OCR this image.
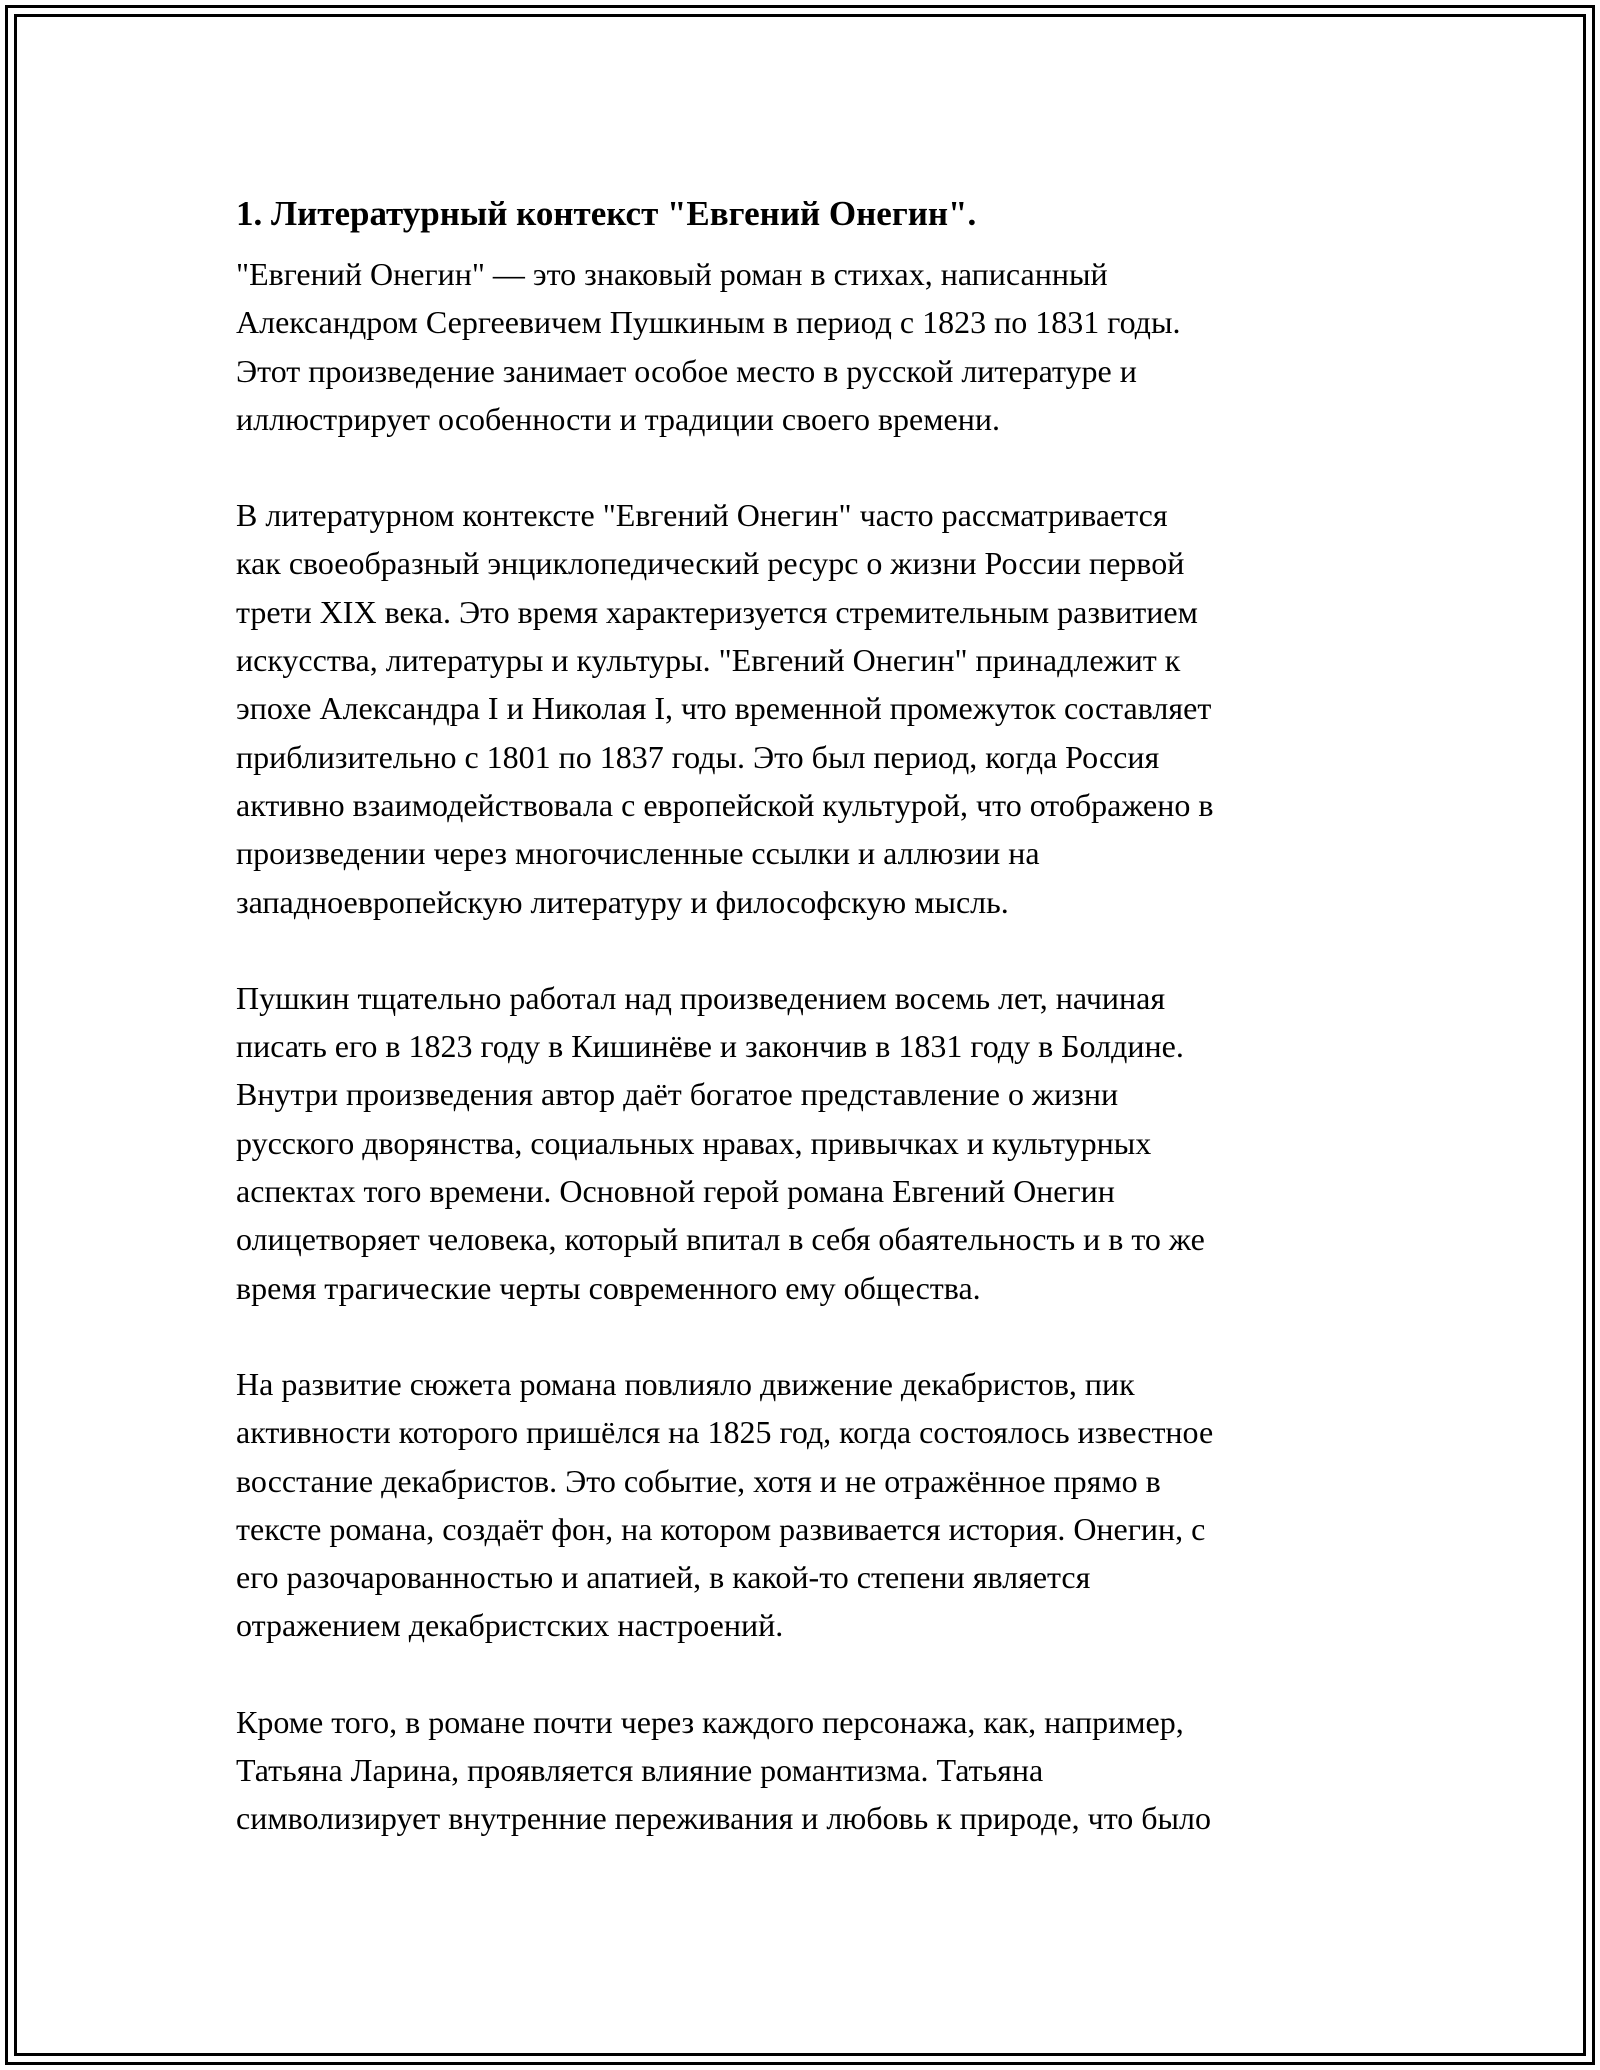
1. Литературный контекст "Евгений Онегин".

"Евгений Онегин" — это знаковый роман в стихах, написанный
Александром Сергеевичем Пушкиным в период с 1823 по 1831 годы.
Этот произведение занимает особое место в русской литературе и
иллюстрирует особенности и традиции своего времени.

В литературном контексте "Евгений Онегин" часто рассматривается
как своеобразный энциклопедический ресурс о жизни России первой
трети XIX века. Это время характеризуется стремительным развитием
искусства, литературы и культуры. "Евгений Онегин" принадлежит к
эпохе Александра I и Николая I, что временной промежуток составляет
приблизительно с 1801 по 1837 годы. Это был период, когда Россия
активно взаимодействовала с европейской культурой, что отображено в
произведении через многочисленные ссылки и аллюзии на
западноевропейскую литературу и философскую мысль.

Пушкин тщательно работал над произведением восемь лет, начиная
писать его в 1823 году в Кишинёве и закончив в 1831 году в Болдине.
Внутри произведения автор даёт богатое представление о жизни
русского дворянства, социальных нравах, привычках и культурных
аспектах того времени. Основной герой романа Евгений Онегин
олицетворяет человека, который впитал в себя обаятельность и в то же
время трагические черты современного ему общества.

На развитие сюжета романа повлияло движение декабристов, пик
активности которого пришёлся на 1825 год, когда состоялось известное
восстание декабристов. Это событие, хотя и не отражённое прямо в
тексте романа, создаёт фон, на котором развивается история. Онегин, с
его разочарованностью и апатией, в какой-то степени является
отражением декабристских настроений.

Кроме того, в романе почти через каждого персонажа, как, например,
Татьяна Ларина, проявляется влияние романтизма. Татьяна
символизирует внутренние переживания и любовь к природе, что было
